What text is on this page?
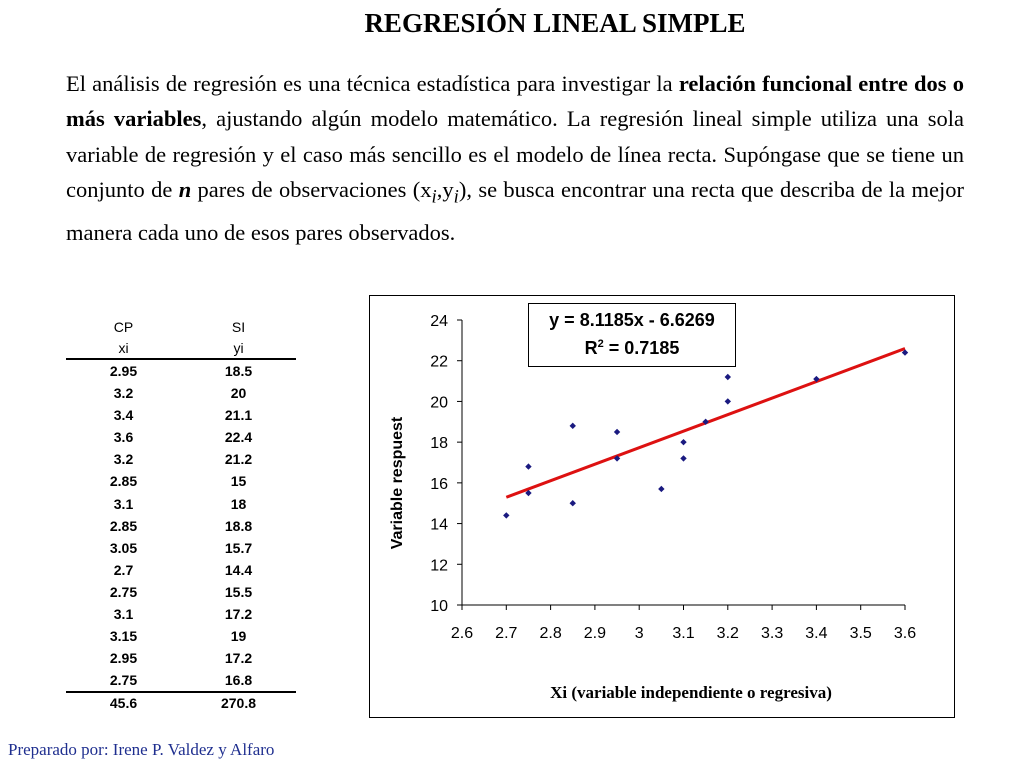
REGRESIÓN LINEAL SIMPLE
El análisis de regresión es una técnica estadística para investigar la relación funcional entre dos o más variables, ajustando algún modelo matemático. La regresión lineal simple utiliza una sola variable de regresión y el caso más sencillo es el modelo de línea recta. Supóngase que se tiene un conjunto de n pares de observaciones $(x_i,y_i)$, se busca encontrar una recta que describa de la mejor manera cada uno de esos pares observados.
CP	SI
xi	yi
2.95	18.5
3.2	20
3.4	21.1
3.6	22.4
3.2	21.2
2.85	15
3.1	18
2.85	18.8
3.05	15.7
2.7	14.4
2.75	15.5
3.1	17.2
3.15	19
2.95	17.2
2.75	16.8
45.6	270.8
10
12
14
16
18
20
22
24
2.6 2.7 2.8 2.9 3 3.1 3.2 3.3 3.4 3.5 3.6
Variable respuest
Xi (variable independiente o regresiva)
y = 8.1185x - 6.6269
$R^2 = 0.7185$
Preparado por: Irene P. Valdez y Alfaro
